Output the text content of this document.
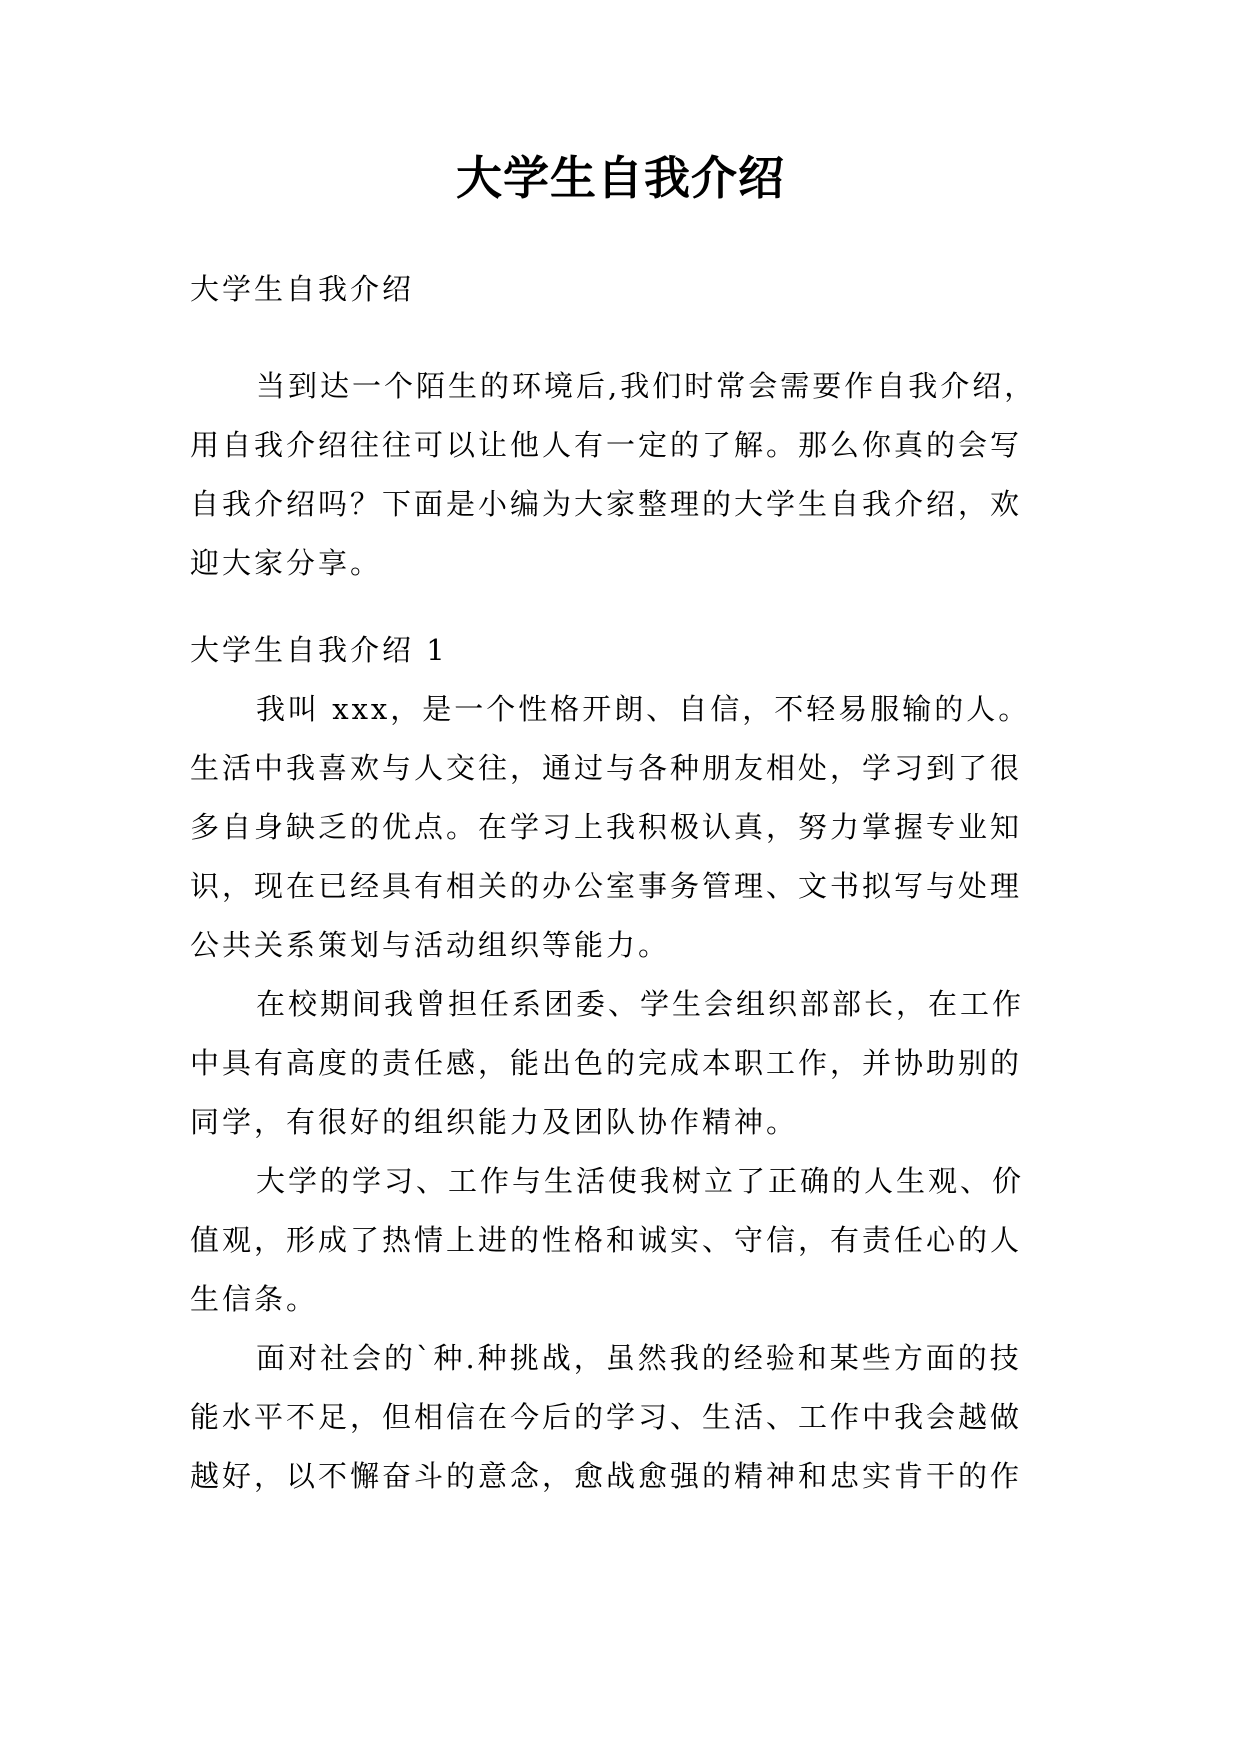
大学生自我介绍
大学生自我介绍
当到达一个陌生的环境后,我们时常会需要作自我介绍，
用自我介绍往往可以让他人有一定的了解。那么你真的会写
自我介绍吗？下面是小编为大家整理的大学生自我介绍，欢
迎大家分享。
大学生自我介绍 1
我叫 xxx，是一个性格开朗、自信，不轻易服输的人。
生活中我喜欢与人交往，通过与各种朋友相处，学习到了很
多自身缺乏的优点。在学习上我积极认真，努力掌握专业知
识，现在已经具有相关的办公室事务管理、文书拟写与处理
公共关系策划与活动组织等能力。
在校期间我曾担任系团委、学生会组织部部长，在工作
中具有高度的责任感，能出色的完成本职工作，并协助别的
同学，有很好的组织能力及团队协作精神。
大学的学习、工作与生活使我树立了正确的人生观、价
值观，形成了热情上进的性格和诚实、守信，有责任心的人
生信条。
面对社会的`种.种挑战，虽然我的经验和某些方面的技
能水平不足，但相信在今后的学习、生活、工作中我会越做
越好，以不懈奋斗的意念，愈战愈强的精神和忠实肯干的作
